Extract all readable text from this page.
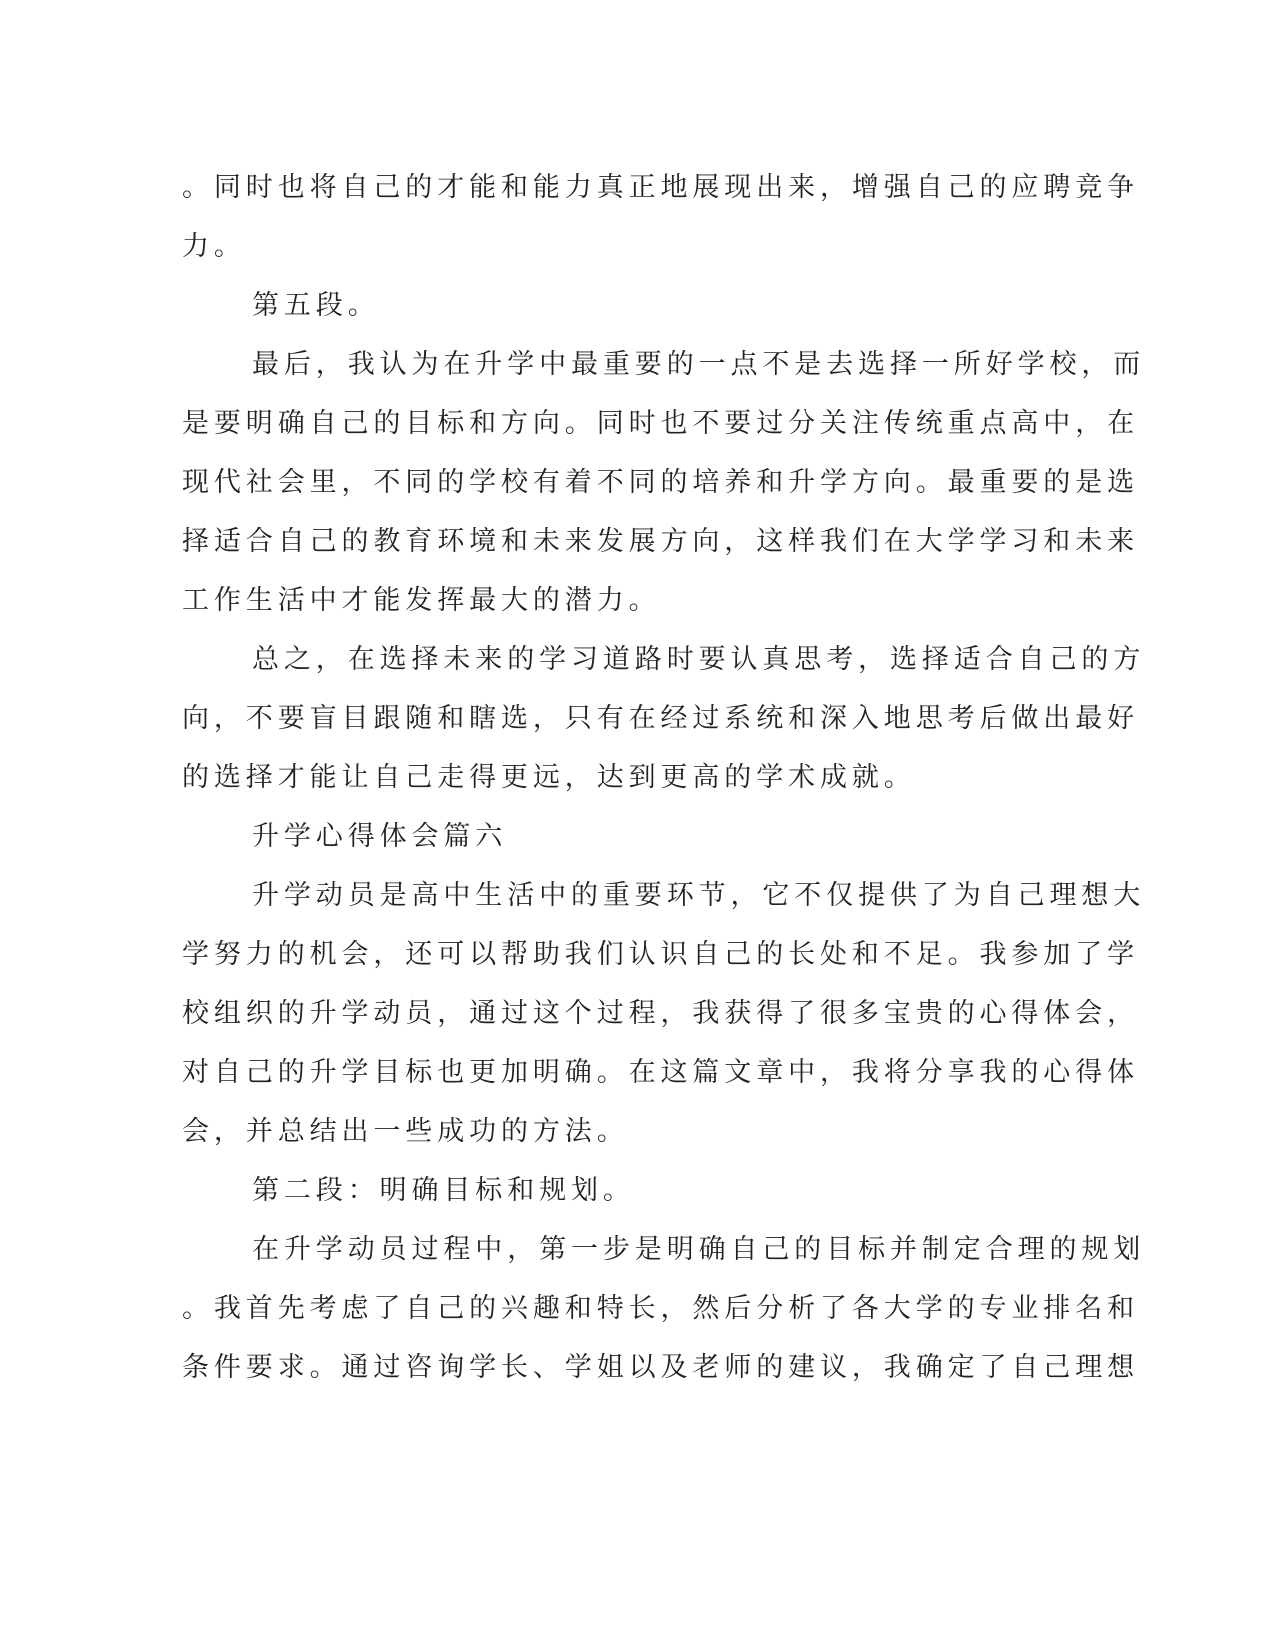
。同时也将自己的才能和能力真正地展现出来，增强自己的应聘竞争
力。
第五段。
最后，我认为在升学中最重要的一点不是去选择一所好学校，而
是要明确自己的目标和方向。同时也不要过分关注传统重点高中，在
现代社会里，不同的学校有着不同的培养和升学方向。最重要的是选
择适合自己的教育环境和未来发展方向，这样我们在大学学习和未来
工作生活中才能发挥最大的潜力。
总之，在选择未来的学习道路时要认真思考，选择适合自己的方
向，不要盲目跟随和瞎选，只有在经过系统和深入地思考后做出最好
的选择才能让自己走得更远，达到更高的学术成就。
升学心得体会篇六
升学动员是高中生活中的重要环节，它不仅提供了为自己理想大
学努力的机会，还可以帮助我们认识自己的长处和不足。我参加了学
校组织的升学动员，通过这个过程，我获得了很多宝贵的心得体会，
对自己的升学目标也更加明确。在这篇文章中，我将分享我的心得体
会，并总结出一些成功的方法。
第二段：明确目标和规划。
在升学动员过程中，第一步是明确自己的目标并制定合理的规划
。我首先考虑了自己的兴趣和特长，然后分析了各大学的专业排名和
条件要求。通过咨询学长、学姐以及老师的建议，我确定了自己理想
